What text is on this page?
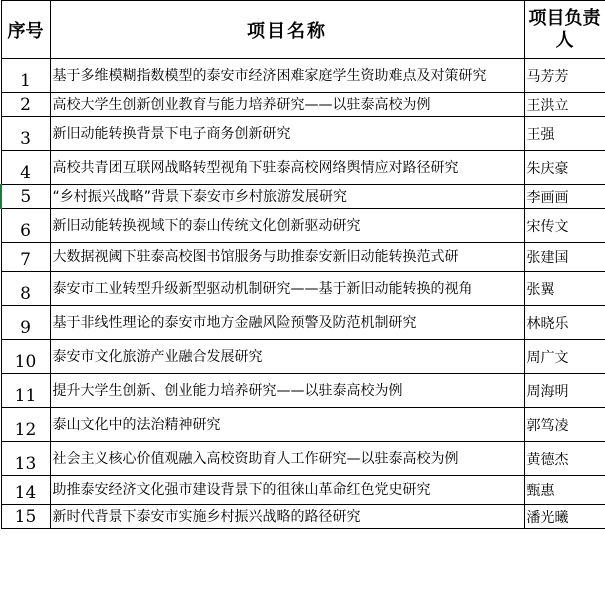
序号	项目名称	项目负责人
1	基于多维模糊指数模型的泰安市经济困难家庭学生资助难点及对策研究	马芳芳
2	高校大学生创新创业教育与能力培养研究——以驻泰高校为例	王洪立
3	新旧动能转换背景下电子商务创新研究	王强
4	高校共青团互联网战略转型视角下驻泰高校网络舆情应对路径研究	朱庆豪
5	“乡村振兴战略”背景下泰安市乡村旅游发展研究	李画画
6	新旧动能转换视域下的泰山传统文化创新驱动研究	宋传文
7	大数据视阈下驻泰高校图书馆服务与助推泰安新旧动能转换范式研	张建国
8	泰安市工业转型升级新型驱动机制研究——基于新旧动能转换的视角	张翼
9	基于非线性理论的泰安市地方金融风险预警及防范机制研究	林晓乐
10	泰安市文化旅游产业融合发展研究	周广文
11	提升大学生创新、创业能力培养研究——以驻泰高校为例	周海明
12	泰山文化中的法治精神研究	郭笃凌
13	社会主义核心价值观融入高校资助育人工作研究—以驻泰高校为例	黄德杰
14	助推泰安经济文化强市建设背景下的徂徕山革命红色党史研究	甄惠
15	新时代背景下泰安市实施乡村振兴战略的路径研究	潘光曦
